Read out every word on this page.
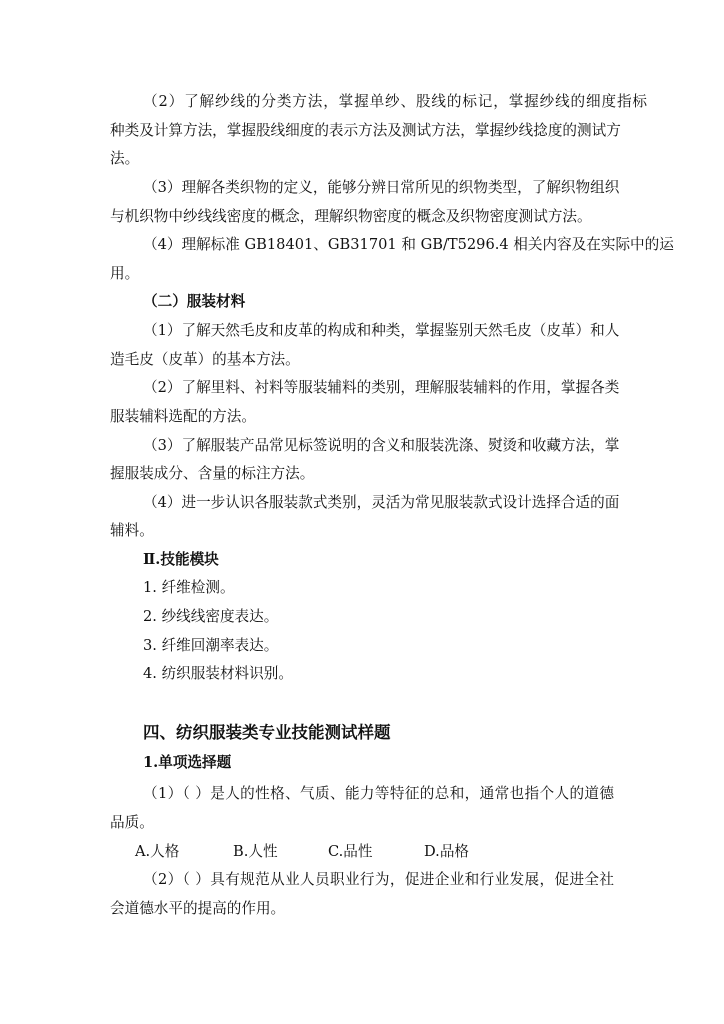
（2）了解纱线的分类方法，掌握单纱、股线的标记，掌握纱线的细度指标
种类及计算方法，掌握股线细度的表示方法及测试方法，掌握纱线捻度的测试方
法。
（3）理解各类织物的定义，能够分辨日常所见的织物类型，了解织物组织
与机织物中纱线线密度的概念，理解织物密度的概念及织物密度测试方法。
（4）理解标准 GB18401、GB31701 和 GB/T5296.4 相关内容及在实际中的运
用。
（二）服装材料
（1）了解天然毛皮和皮革的构成和种类，掌握鉴别天然毛皮（皮革）和人
造毛皮（皮革）的基本方法。
（2）了解里料、衬料等服装辅料的类别，理解服装辅料的作用，掌握各类
服装辅料选配的方法。
（3）了解服装产品常见标签说明的含义和服装洗涤、熨烫和收藏方法，掌
握服装成分、含量的标注方法。
（4）进一步认识各服装款式类别，灵活为常见服装款式设计选择合适的面
辅料。
Ⅱ.技能模块
1. 纤维检测。
2. 纱线线密度表达。
3. 纤维回潮率表达。
4. 纺织服装材料识别。
四、纺织服装类专业技能测试样题
1.单项选择题
（1）（ ）是人的性格、气质、能力等特征的总和，通常也指个人的道德
品质。
A.人格	B.人性	C.品性	D.品格
（2）（ ）具有规范从业人员职业行为，促进企业和行业发展，促进全社
会道德水平的提高的作用。
